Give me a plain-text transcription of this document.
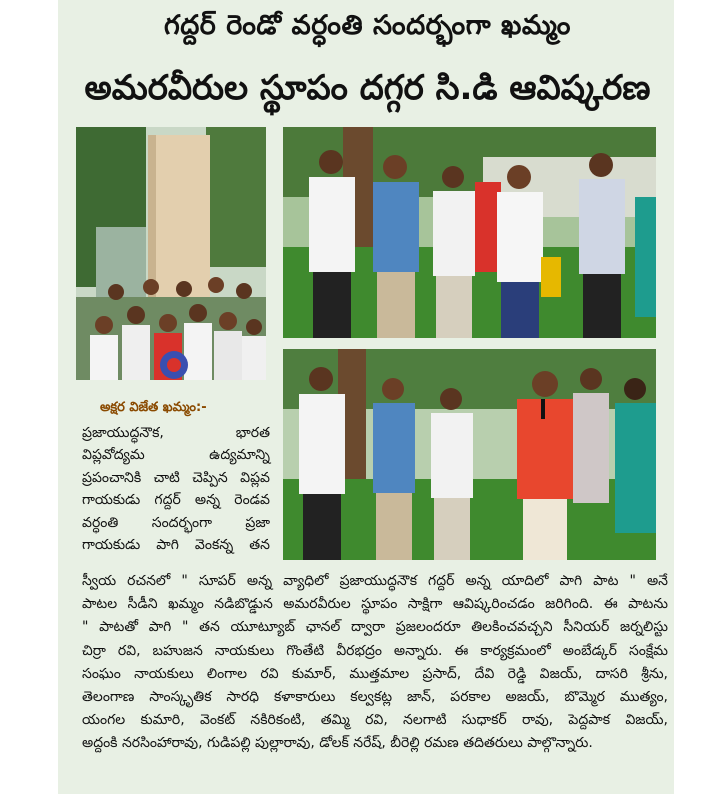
గద్దర్ రెండో వర్ధంతి సందర్భంగా ఖమ్మం
అమరవీరుల స్థూపం దగ్గర సి.డి ఆవిష్కరణ
అక్షర విజేత ఖమ్మం:-

ప్రజాయుద్ధనౌక, భారత

విప్లవోద్యమ ఉద్యమాన్ని

ప్రపంచానికి చాటి చెప్పిన విప్లవ

గాయకుడు గద్దర్ అన్న రెండవ

వర్ధంతి సందర్భంగా ప్రజా

గాయకుడు పాగి వెంకన్న తన

స్వీయ రచనలో " సూపర్ అన్న వ్యాధిలో ప్రజాయుద్ధనౌక గద్దర్ అన్న యాదిలో పాగి పాట " అనే

పాటల సీడీని ఖమ్మం నడిబొడ్డున అమరవీరుల స్థూపం సాక్షిగా ఆవిష్కరించడం జరిగింది. ఈ పాటను

" పాటతో పాగి " తన యూట్యూబ్ ఛానల్ ద్వారా ప్రజలందరూ తిలకించవచ్చని సీనియర్ జర్నలిస్టు

చిర్రా రవి, బహుజన నాయకులు గొంతేటి వీరభద్రం అన్నారు. ఈ కార్యక్రమంలో అంబేడ్కర్ సంక్షేమ

సంఘం నాయకులు లింగాల రవి కుమార్, ముత్తమాల ప్రసాద్, దేవి రెడ్డి విజయ్, దాసరి శ్రీను,

తెలంగాణ సాంస్కృతిక సారధి కళాకారులు కల్వకట్ల జాన్, పరకాల అజయ్, బొమ్మెర ముత్యం,

యంగల కుమారి, వెంకట్ నకిరికంటి, తమ్మి రవి, నలగాటి సుధాకర్ రావు, పెద్దపాక విజయ్,

అద్దంకి నరసింహారావు, గుడిపల్లి పుల్లారావు, డోలక్ నరేష్, బీరెల్లి రమణ తదితరులు పాల్గొన్నారు.
